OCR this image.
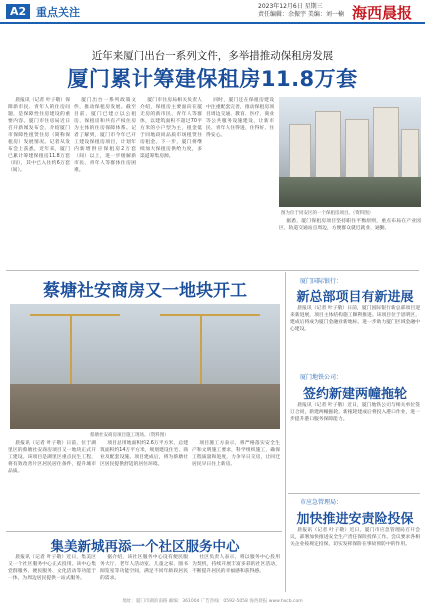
A2 重点关注	2023年12月6日 星期三
责任编辑：余振宇 美编：刘一楠 海西晨报
近年来厦门出台一系列文件，多举措推动保租房发展
厦门累计筹建保租房11.8万套

晨报讯（记者 叶子敬）保障新市民、青年人的住房问题，是保障性住房建设的重要内容。厦门市住房局近日召开新闻发布会，介绍厦门市保障性租赁住房（简称保租房）发展情况。记者从发布会上获悉，近年来，厦门已累计筹建保租房11.8万套（间），其中已入住约6万套（间）。

厦门出台一系列政策文件，推动保租房发展。截至目前，厦门已建立以公租房、保租房和共有产权住房为主体的住房保障体系。记者了解到，厦门市今年已开工建设保租房项目，计划年内新增供应保租房2万套（间）以上，进一步缓解新市民、青年人等群体住房困难。

厦门市住房局相关负责人介绍，保租房主要面向在厦无房的新市民、青年人等群体，以建筑面积不超过70平方米的小户型为主，租金低于同地段同品质市场租赁住房租金。下一步，厦门将继续加大保租房供给力度，多渠道筹集房源。

同时，厦门还在保租房建设中注重配套完善，推动保租房项目周边交通、教育、医疗、商业等公共服务设施建设，让新市民、青年人住得进、住得好、住得安心。

图为位于同安区的一个保租房项目。（资料图）

据悉，厦门保租房项目坚持职住平衡原则，重点布局在产业园区、轨道交通站点周边，方便群众就近就业、通勤。

蔡塘社安商房又一地块开工
蔡塘社安商房项目施工现场。（资料图）

晨报讯（记者 叶子敬）日前，位于湖里区的蔡塘社安商房项目又一地块正式开工建设。该项目是湖里区重点民生工程，将有效改善片区居民居住条件，提升城市品质。

项目总用地面积约2.6万平方米，总建筑面积约14万平方米，规划建设住宅、商业及配套设施。项目建成后，将为蔡塘社区居民提供舒适的居住环境。

项目施工方表示，将严格落实安全生产和文明施工要求，科学组织施工，确保工程质量和进度，力争早日交房，让回迁居民早日住上新房。

厦门国际银行：
新总部项目有新进展

晨报讯（记者 叶子敬）日前，厦门国际银行新总部项目迎来新进展，项目主体结构施工顺利推进。该项目位于思明区，建成后将成为厦门金融业新地标，进一步助力厦门区域金融中心建设。

厦门地铁公司：
签约新建两幢拖轮

晨报讯（记者 叶子敬）近日，厦门地铁公司与相关单位签订合同，新建两幢拖轮。新拖轮建成后将投入港口作业，进一步提升港口服务保障能力。

集美新城再添一个社区服务中心

晨报讯（记者 叶子敬）近日，集美区又一个社区服务中心正式投用。该中心集党群服务、便民服务、文化活动等功能于一体，为周边居民提供一站式服务。

据介绍，该社区服务中心设有便民服务大厅、老年人活动室、儿童之家、图书阅览室等功能空间，满足不同年龄段居民的需求。

社区负责人表示，将以服务中心投用为契机，持续开展丰富多彩的社区活动，不断提升居民的幸福感和获得感。

市应急管理局：
加快推进安责险投保

晨报讯（记者 叶子敬）近日，厦门市应急管理局召开会议，部署加快推进安全生产责任保险投保工作。会议要求各相关企业按规定投保，切实发挥保险在事故预防中的作用。

地址：厦门市湖滨南路 邮编：361004 广告热线：0592-5058 海西晨报 www.hxcb.com
